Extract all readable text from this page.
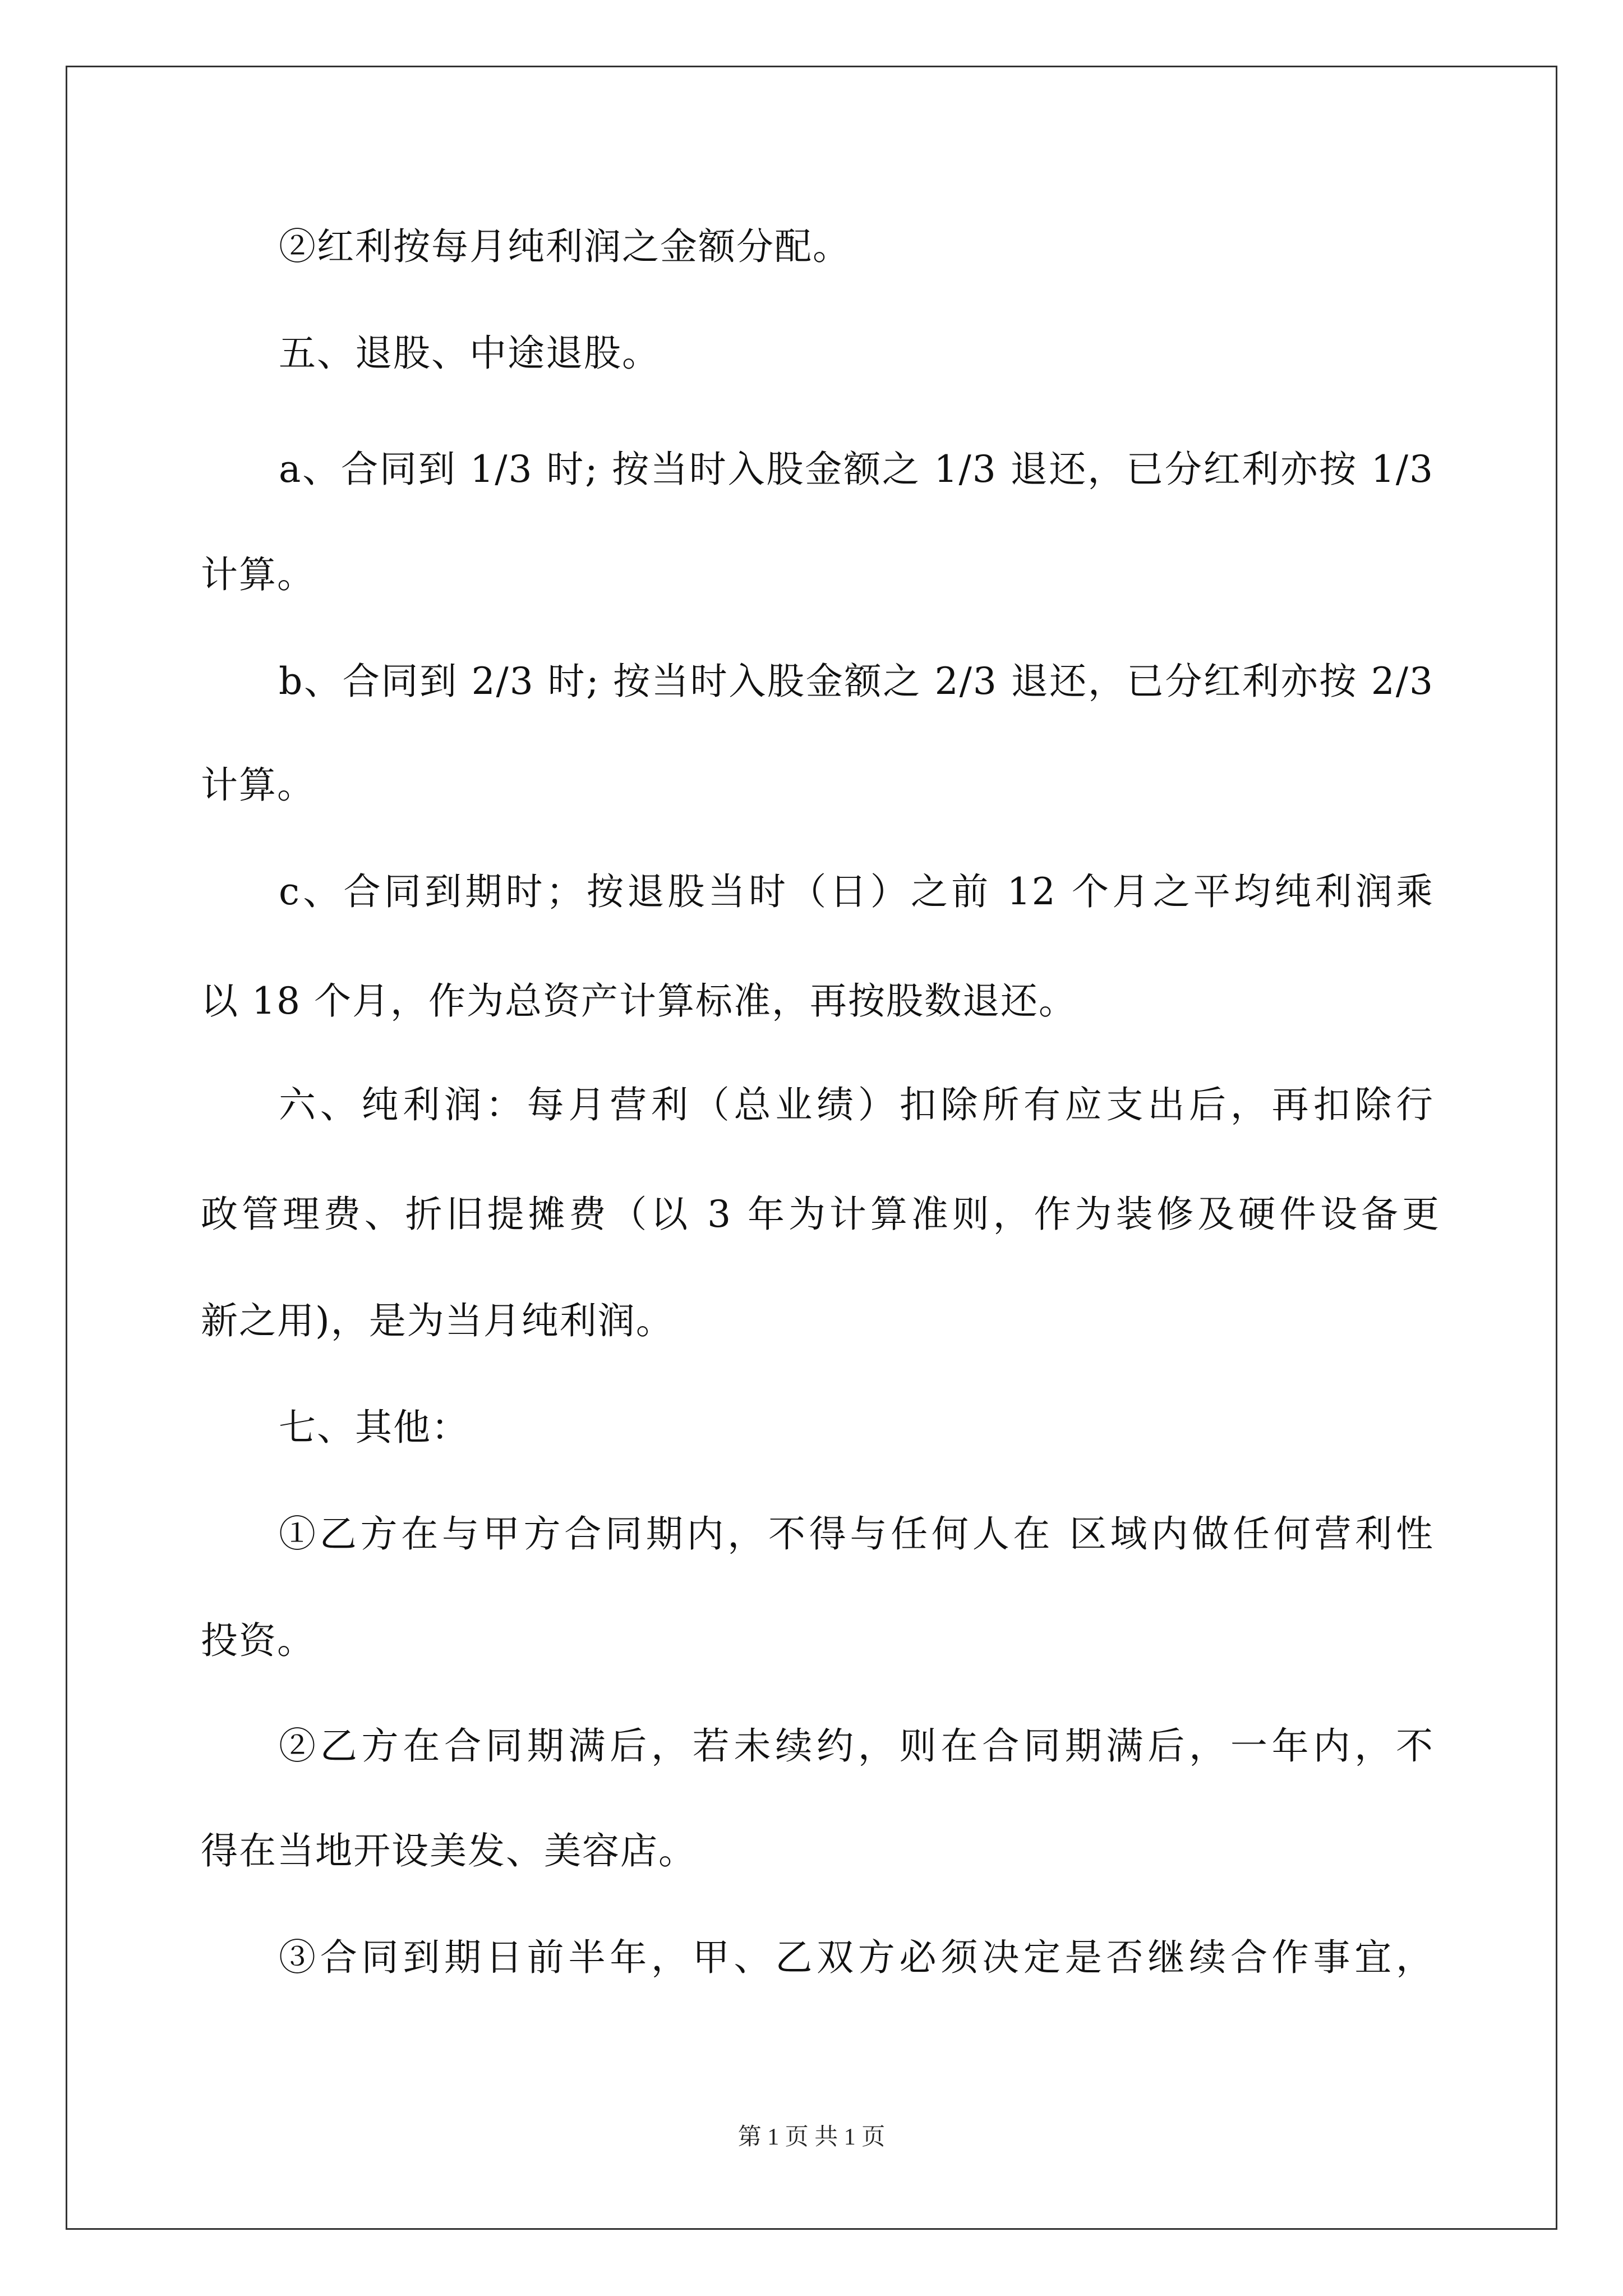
②红利按每月纯利润之金额分配。
五、退股、中途退股。
a、合同到 1/3 时; 按当时入股金额之 1/3 退还，已分红利亦按 1/3
计算。
b、合同到 2/3 时; 按当时入股金额之 2/3 退还，已分红利亦按 2/3
计算。
c、合同到期时；按退股当时（日）之前 12 个月之平均纯利润乘
以 18 个月，作为总资产计算标准，再按股数退还。
六、纯利润：每月营利（总业绩）扣除所有应支出后，再扣除行
政管理费、折旧提摊费（以 3 年为计算准则，作为装修及硬件设备更
新之用)，是为当月纯利润。
七、其他：
①乙方在与甲方合同期内，不得与任何人在 区域内做任何营利性
投资。
②乙方在合同期满后，若未续约，则在合同期满后，一年内，不
得在当地开设美发、美容店。
③合同到期日前半年，甲、乙双方必须决定是否继续合作事宜，
第 1 页 共 1 页
